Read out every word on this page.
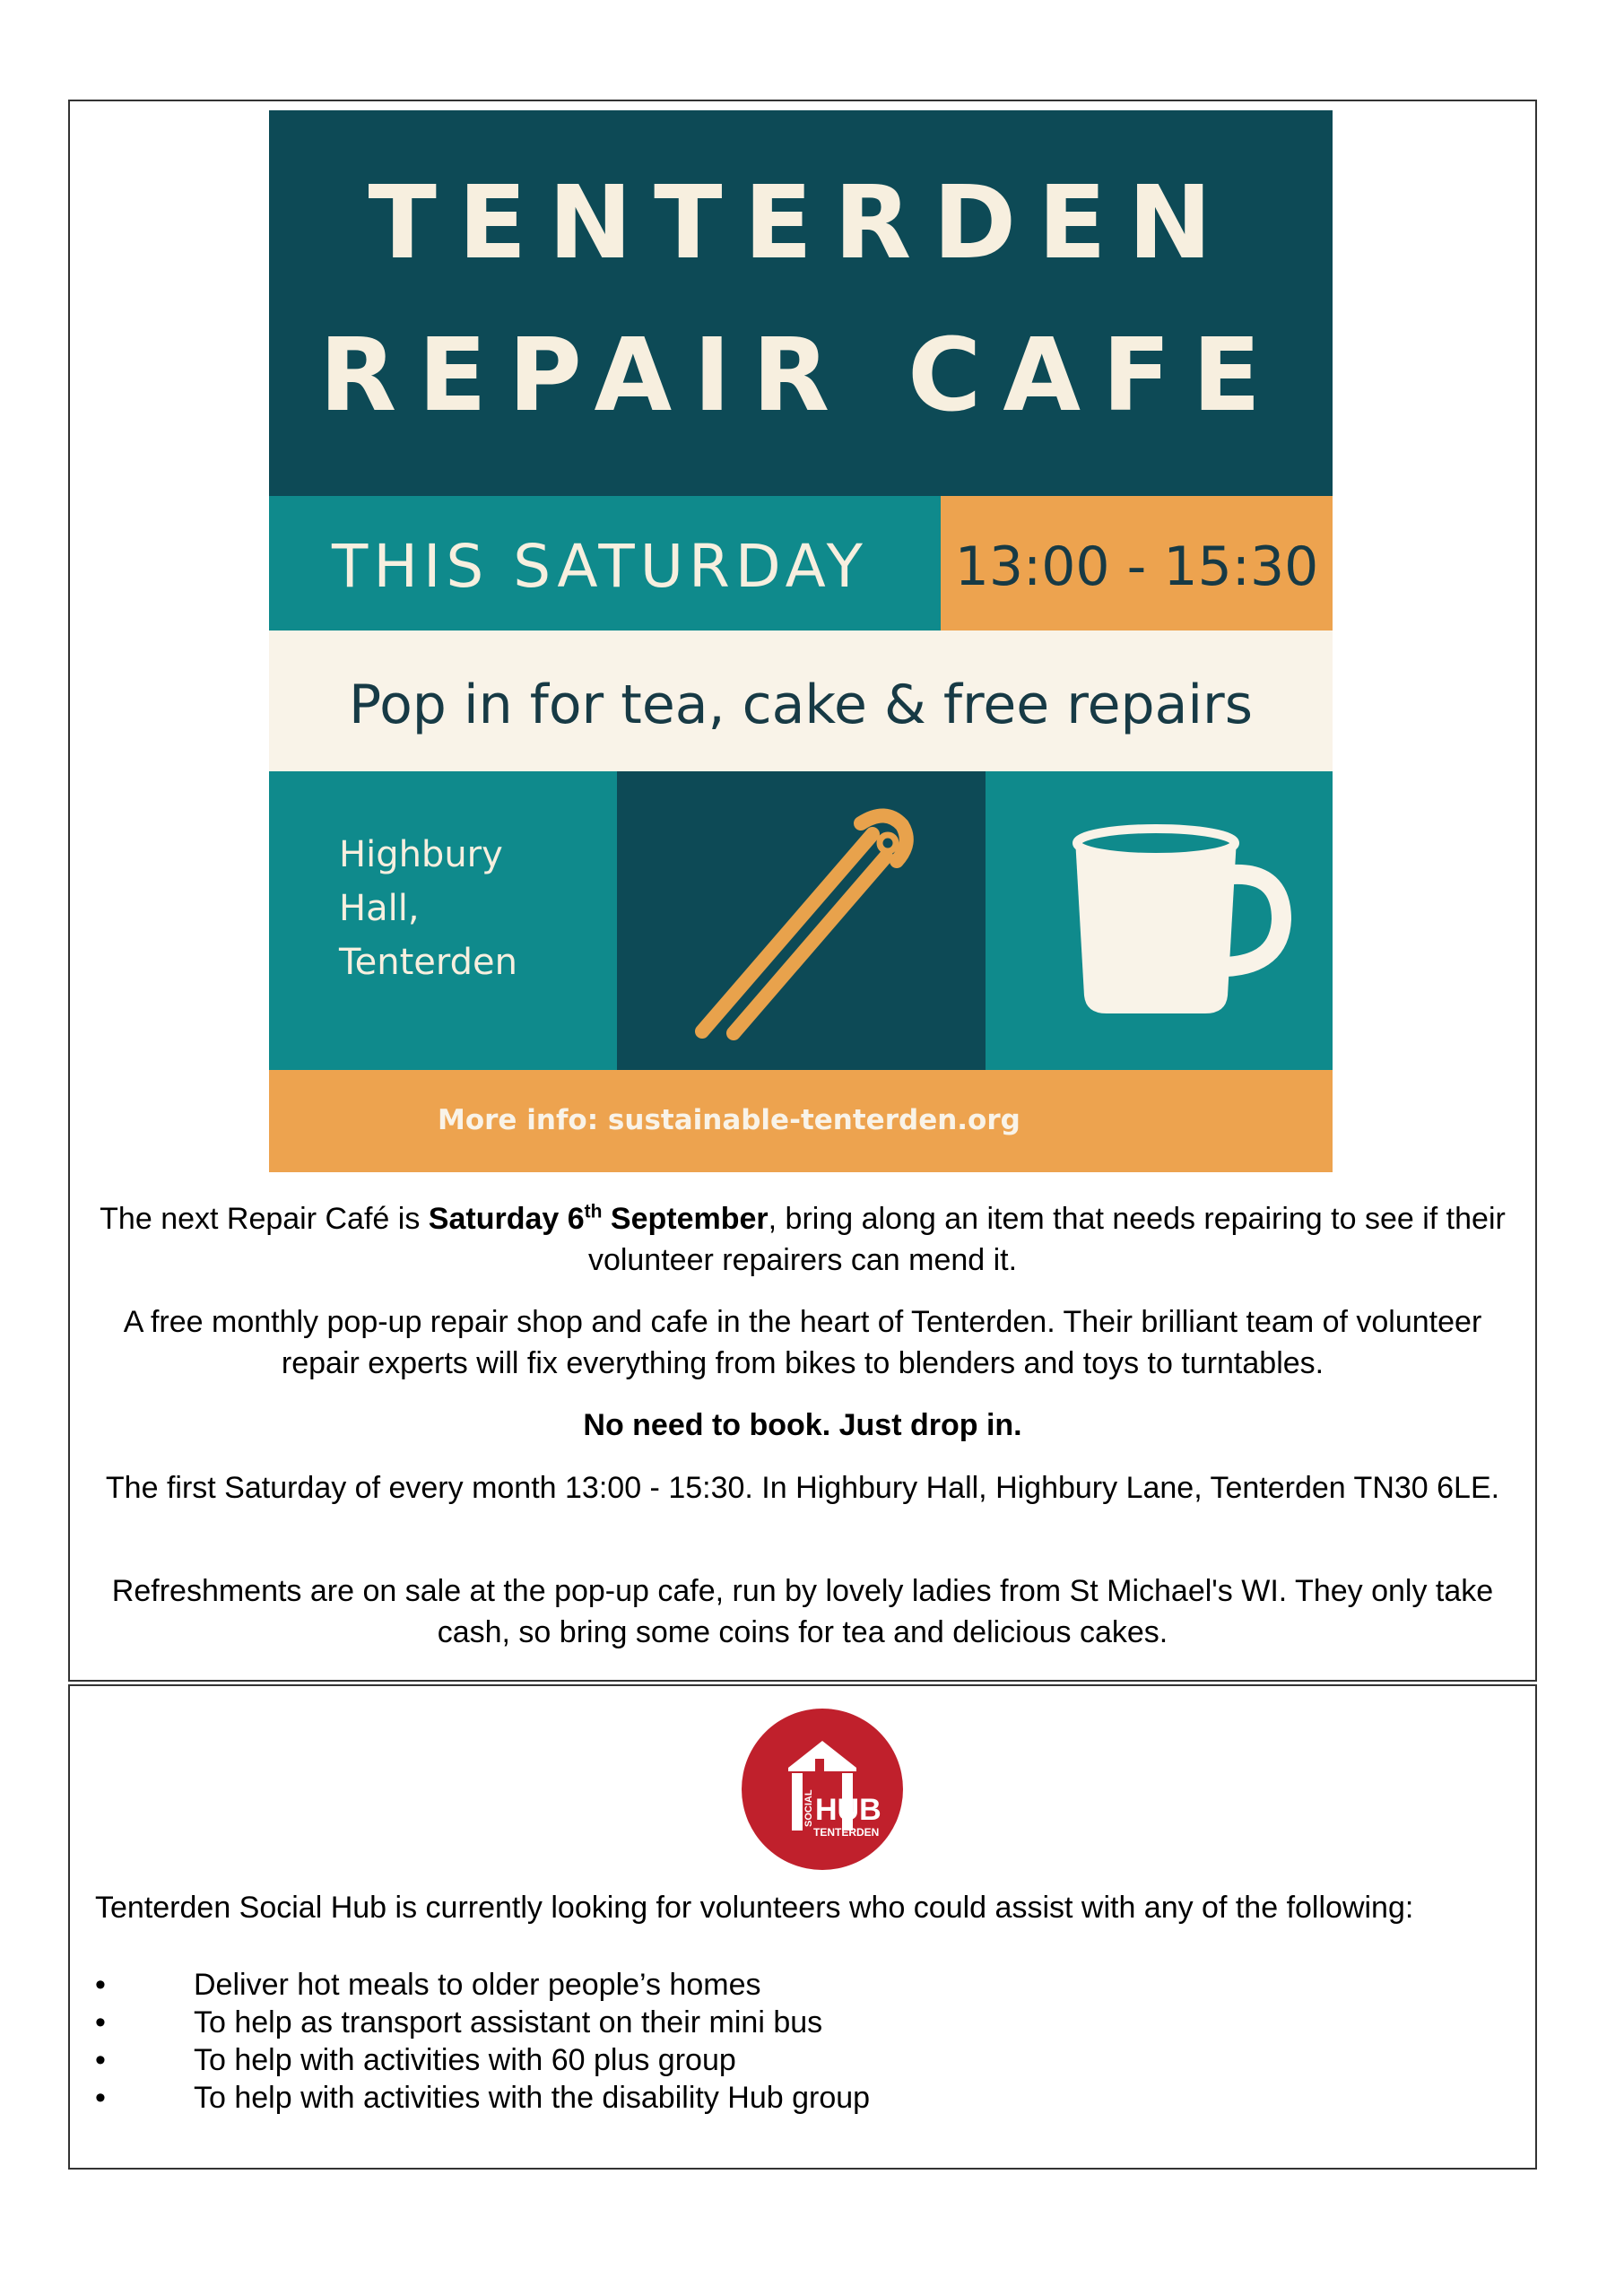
TENTERDEN
REPAIR CAFE
THIS SATURDAY 13:00 - 15:30
Pop in for tea, cake & free repairs
Highbury
Hall,
Tenterden
More info: sustainable-tenterden.org

The next Repair Café is Saturday 6th September, bring along an item that needs repairing to see if their volunteer repairers can mend it.

A free monthly pop-up repair shop and cafe in the heart of Tenterden. Their brilliant team of volunteer repair experts will fix everything from bikes to blenders and toys to turntables.

No need to book. Just drop in.

The first Saturday of every month 13:00 - 15:30. In Highbury Hall, Highbury Lane, Tenterden TN30 6LE.

Refreshments are on sale at the pop-up cafe, run by lovely ladies from St Michael's WI. They only take cash, so bring some coins for tea and delicious cakes.

SOCIAL HUB
TENTERDEN

Tenterden Social Hub is currently looking for volunteers who could assist with any of the following:

•	Deliver hot meals to older people’s homes
•	To help as transport assistant on their mini bus
•	To help with activities with 60 plus group
•	To help with activities with the disability Hub group
